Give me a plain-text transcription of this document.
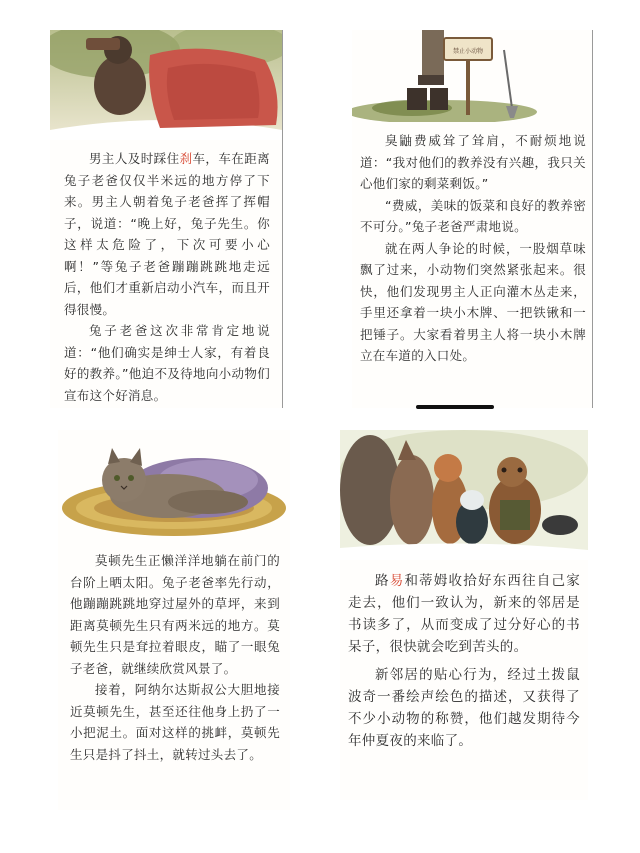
男主人及时踩住刹车，车在距离兔子老爸仅仅半米远的地方停了下来。男主人朝着兔子老爸挥了挥帽子，说道：“晚上好，兔子先生。你这样太危险了，下次可要小心啊！”等兔子老爸蹦蹦跳跳地走远后，他们才重新启动小汽车，而且开得很慢。

兔子老爸这次非常肯定地说道：“他们确实是绅士人家，有着良好的教养。”他迫不及待地向小动物们宣布这个好消息。

禁止小动物

臭鼬费威耸了耸肩，不耐烦地说道：“我对他们的教养没有兴趣，我只关心他们家的剩菜剩饭。”

“费威，美味的饭菜和良好的教养密不可分。”兔子老爸严肃地说。

就在两人争论的时候，一股烟草味飘了过来，小动物们突然紧张起来。很快，他们发现男主人正向灌木丛走来，手里还拿着一块小木牌、一把铁锹和一把锤子。大家看着男主人将一块小木牌立在车道的入口处。

莫顿先生正懒洋洋地躺在前门的台阶上晒太阳。兔子老爸率先行动，他蹦蹦跳跳地穿过屋外的草坪，来到距离莫顿先生只有两米远的地方。莫顿先生只是耷拉着眼皮，瞄了一眼兔子老爸，就继续欣赏风景了。

接着，阿纳尔达斯叔公大胆地接近莫顿先生，甚至还往他身上扔了一小把泥土。面对这样的挑衅，莫顿先生只是抖了抖土，就转过头去了。

路易和蒂姆收拾好东西往自己家走去，他们一致认为，新来的邻居是书读多了，从而变成了过分好心的书呆子，很快就会吃到苦头的。

新邻居的贴心行为，经过土拨鼠波奇一番绘声绘色的描述，又获得了不少小动物的称赞，他们越发期待今年仲夏夜的来临了。
